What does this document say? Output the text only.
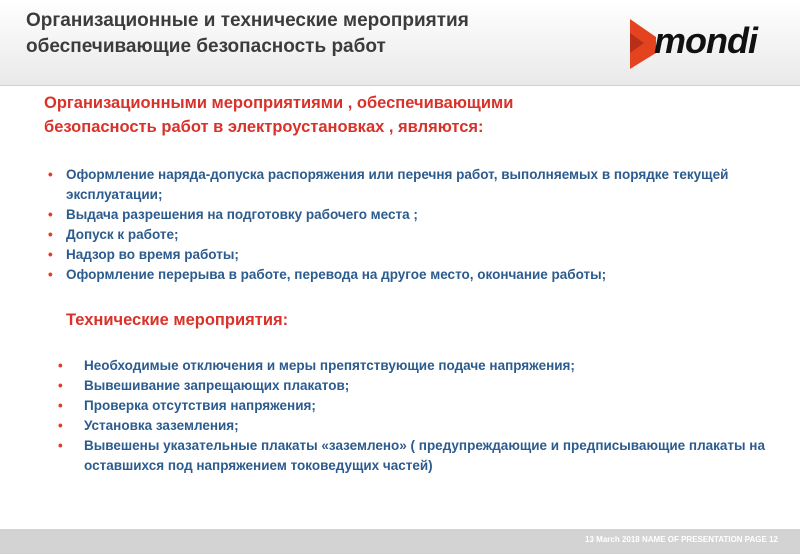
Организационные и технические мероприятия
обеспечивающие безопасность работ	mondi
Организационными мероприятиями , обеспечивающими
безопасность работ в электроустановках , являются:
• Оформление наряда-допуска распоряжения или перечня работ, выполняемых в порядке текущей эксплуатации;
• Выдача разрешения на подготовку рабочего места ;
• Допуск к работе;
• Надзор во время работы;
• Оформление перерыва в работе, перевода на другое место, окончание работы;
Технические мероприятия:
• Необходимые отключения и меры препятствующие подаче напряжения;
• Вывешивание запрещающих плакатов;
• Проверка отсутствия напряжения;
• Установка заземления;
• Вывешены указательные плакаты «заземлено» ( предупреждающие и предписывающие плакаты на оставшихся под напряжением токоведущих частей)
13 March 2018 NAME OF PRESENTATION PAGE 12
